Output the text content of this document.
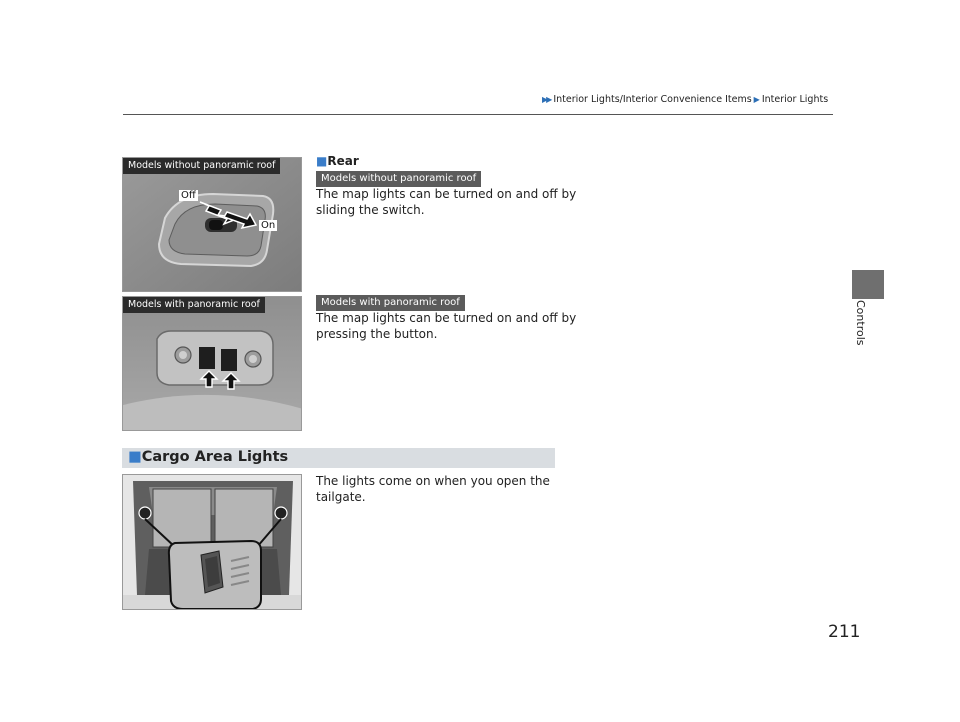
▶▶ Interior Lights/Interior Convenience Items ▶ Interior Lights
Controls
Models without panoramic roof
Off
On
■Rear
Models without panoramic roof
The map lights can be turned on and off by
sliding the switch.
Models with panoramic roof	Models with panoramic roof
The map lights can be turned on and off by
pressing the button.
■Cargo Area Lights
The lights come on when you open the
tailgate.
211
